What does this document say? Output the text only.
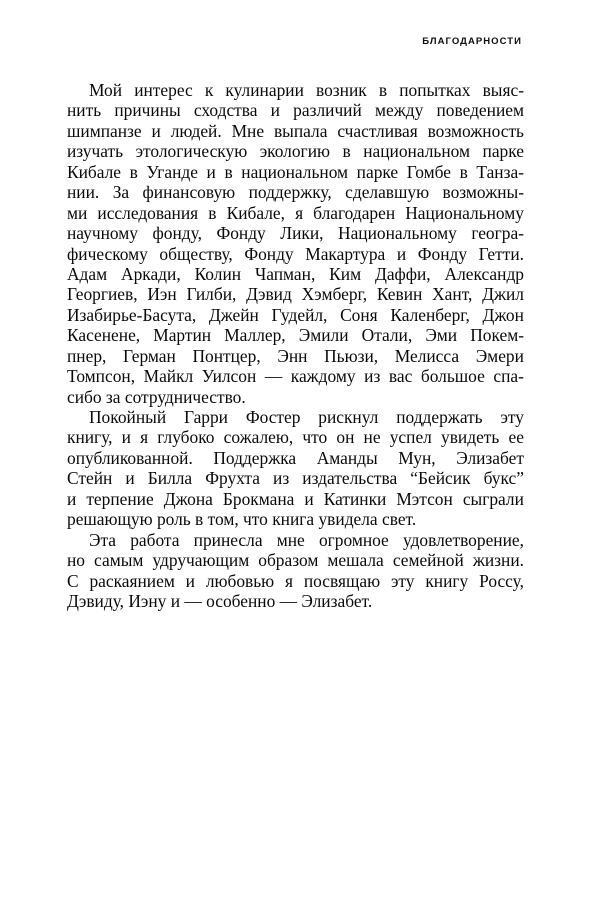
БЛАГОДАРНОСТИ

Мой интерес к кулинарии возник в попытках выяс-
нить причины сходства и различий между поведением
шимпанзе и людей. Мне выпала счастливая возможность
изучать этологическую экологию в национальном парке
Кибале в Уганде и в национальном парке Гомбе в Танза-
нии. За финансовую поддержку, сделавшую возможны-
ми исследования в Кибале, я благодарен Национальному
научному фонду, Фонду Лики, Национальному геогра-
фическому обществу, Фонду Макартура и Фонду Гетти.
Адам Аркади, Колин Чапман, Ким Даффи, Александр
Георгиев, Иэн Гилби, Дэвид Хэмберг, Кевин Хант, Джил
Изабирье-Басута, Джейн Гудейл, Соня Каленберг, Джон
Касенене, Мартин Маллер, Эмили Отали, Эми Покем-
пнер, Герман Понтцер, Энн Пьюзи, Мелисса Эмери
Томпсон, Майкл Уилсон — каждому из вас большое спа-
сибо за сотрудничество.

Покойный Гарри Фостер рискнул поддержать эту
книгу, и я глубоко сожалею, что он не успел увидеть ее
опубликованной. Поддержка Аманды Мун, Элизабет
Стейн и Билла Фрухта из издательства “Бейсик букс”
и терпение Джона Брокмана и Катинки Мэтсон сыграли
решающую роль в том, что книга увидела свет.

Эта работа принесла мне огромное удовлетворение,
но самым удручающим образом мешала семейной жизни.
С раскаянием и любовью я посвящаю эту книгу Россу,
Дэвиду, Иэну и — особенно — Элизабет.
